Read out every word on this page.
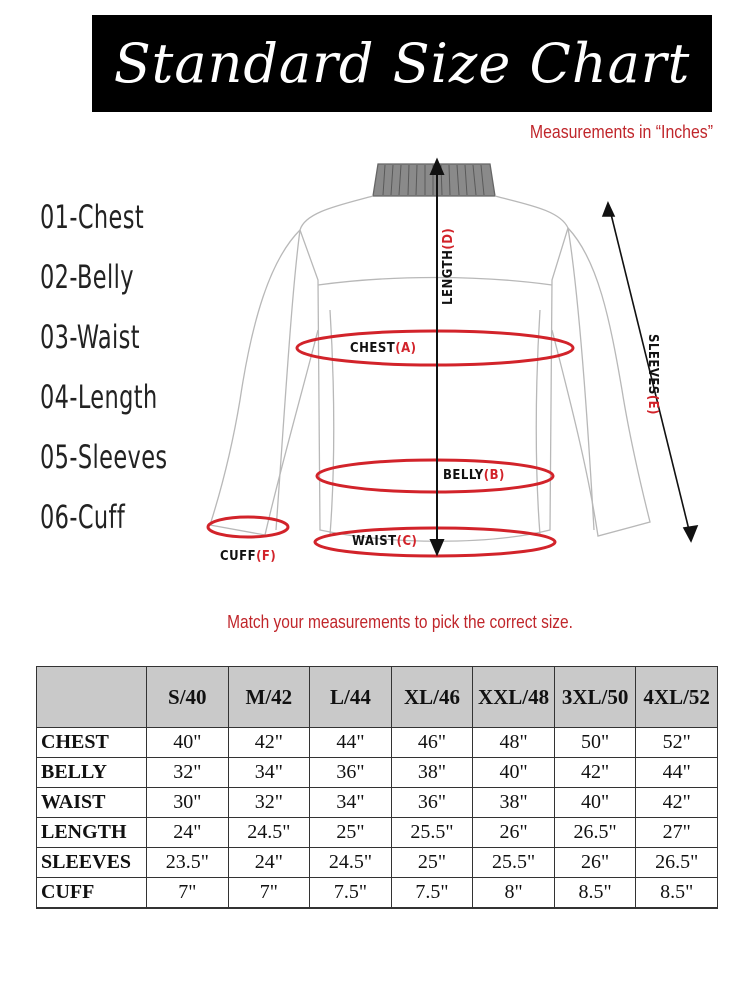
Standard Size Chart
Measurements in “Inches”
01-Chest
02-Belly
03-Waist
04-Length
05-Sleeves
06-Cuff
CHEST(A)
BELLY(B)
WAIST(C)
CUFF(F)
LENGTH(D)
SLEEVES(E)
Match your measurements to pick the correct size.
	S/40	M/42	L/44	XL/46	XXL/48	3XL/50	4XL/52
CHEST	40"	42"	44"	46"	48"	50"	52"
BELLY	32"	34"	36"	38"	40"	42"	44"
WAIST	30"	32"	34"	36"	38"	40"	42"
LENGTH	24"	24.5"	25"	25.5"	26"	26.5"	27"
SLEEVES	23.5"	24"	24.5"	25"	25.5"	26"	26.5"
CUFF	7"	7"	7.5"	7.5"	8"	8.5"	8.5"
